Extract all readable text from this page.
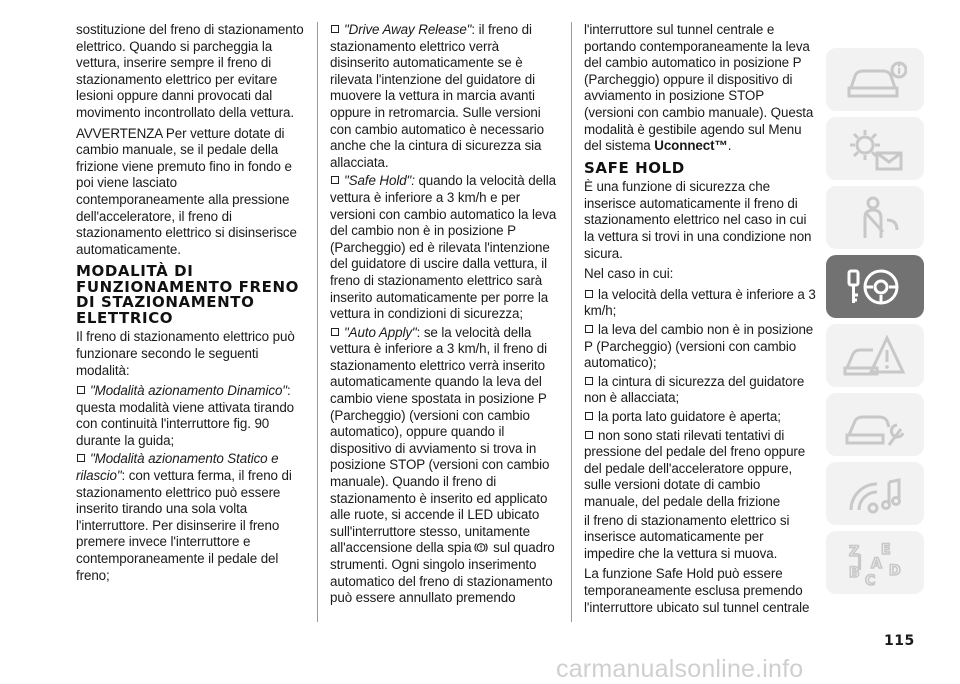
sostituzione del freno di stazionamento elettrico. Quando si parcheggia la vettura, inserire sempre il freno di stazionamento elettrico per evitare lesioni oppure danni provocati dal movimento incontrollato della vettura.

AVVERTENZA Per vetture dotate di cambio manuale, se il pedale della frizione viene premuto fino in fondo e poi viene lasciato contemporaneamente alla pressione dell'acceleratore, il freno di stazionamento elettrico si disinserisce automaticamente.

MODALITÀ DI FUNZIONAMENTO FRENO DI STAZIONAMENTO ELETTRICO

Il freno di stazionamento elettrico può funzionare secondo le seguenti modalità:

"Modalità azionamento Dinamico": questa modalità viene attivata tirando con continuità l'interruttore fig. 90 durante la guida;

"Modalità azionamento Statico e rilascio": con vettura ferma, il freno di stazionamento elettrico può essere inserito tirando una sola volta l'interruttore. Per disinserire il freno premere invece l'interruttore e contemporaneamente il pedale del freno;

"Drive Away Release": il freno di stazionamento elettrico verrà disinserito automaticamente se è rilevata l'intenzione del guidatore di muovere la vettura in marcia avanti oppure in retromarcia. Sulle versioni con cambio automatico è necessario anche che la cintura di sicurezza sia allacciata.

"Safe Hold": quando la velocità della vettura è inferiore a 3 km/h e per versioni con cambio automatico la leva del cambio non è in posizione P (Parcheggio) ed è rilevata l'intenzione del guidatore di uscire dalla vettura, il freno di stazionamento elettrico sarà inserito automaticamente per porre la vettura in condizioni di sicurezza;

"Auto Apply": se la velocità della vettura è inferiore a 3 km/h, il freno di stazionamento elettrico verrà inserito automaticamente quando la leva del cambio viene spostata in posizione P (Parcheggio) (versioni con cambio automatico), oppure quando il dispositivo di avviamento si trova in posizione STOP (versioni con cambio manuale). Quando il freno di stazionamento è inserito ed applicato alle ruote, si accende il LED ubicato sull'interruttore stesso, unitamente all'accensione della spia sul quadro strumenti. Ogni singolo inserimento automatico del freno di stazionamento può essere annullato premendo

l'interruttore sul tunnel centrale e portando contemporaneamente la leva del cambio automatico in posizione P (Parcheggio) oppure il dispositivo di avviamento in posizione STOP (versioni con cambio manuale). Questa modalità è gestibile agendo sul Menu del sistema Uconnect™.

SAFE HOLD

È una funzione di sicurezza che inserisce automaticamente il freno di stazionamento elettrico nel caso in cui la vettura si trovi in una condizione non sicura.

Nel caso in cui:

la velocità della vettura è inferiore a 3 km/h;

la leva del cambio non è in posizione P (Parcheggio) (versioni con cambio automatico);

la cintura di sicurezza del guidatore non è allacciata;

la porta lato guidatore è aperta;

non sono stati rilevati tentativi di pressione del pedale del freno oppure del pedale dell'acceleratore oppure, sulle versioni dotate di cambio manuale, del pedale della frizione

il freno di stazionamento elettrico si inserisce automaticamente per impedire che la vettura si muova.

La funzione Safe Hold può essere temporaneamente esclusa premendo l'interruttore ubicato sul tunnel centrale

Z E
A
B D
C
|
115
carmanualsonline.info
